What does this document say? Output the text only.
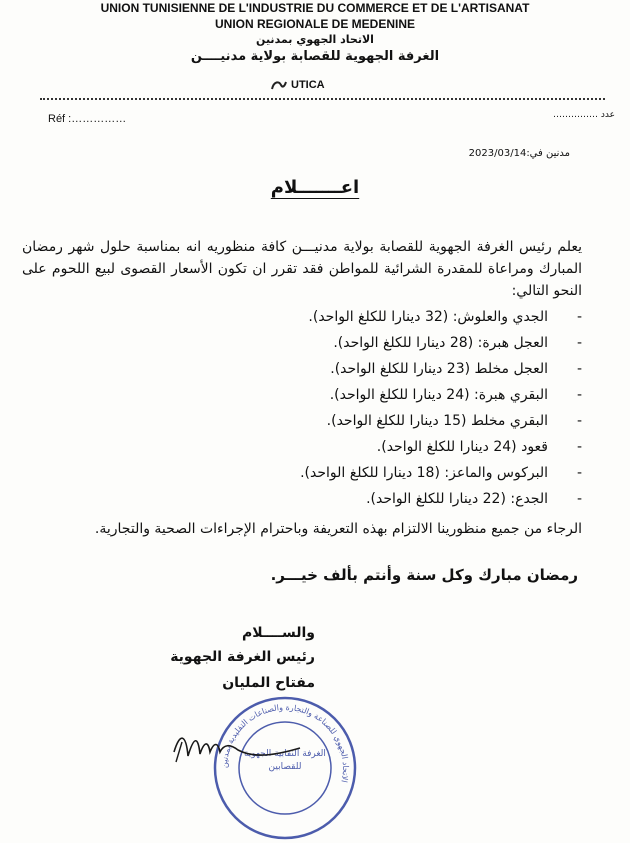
UNION TUNISIENNE DE L'INDUSTRIE DU COMMERCE ET DE L'ARTISANAT
UNION REGIONALE DE MEDENINE
الاتحاد الجهوي بمدنين
الغرفة الجهوية للقصابة بولاية مدنيــــن
UTICA
Réf :……………	عدد ……………
مدنين في:2023/03/14
اعـــــــلام
يعلم رئيس الغرفة الجهوية للقصابة بولاية مدنيـــن كافة منظوريه انه بمناسبة حلول شهر رمضان المبارك ومراعاة للمقدرة الشرائية للمواطن فقد تقرر ان تكون الأسعار القصوى لبيع اللحوم على النحو التالي:
- الجدي والعلوش: (32 دينارا للكلغ الواحد).
- العجل هبرة: (28 دينارا للكلغ الواحد).
- العجل مخلط (23 دينارا للكلغ الواحد).
- البقري هبرة: (24 دينارا للكلغ الواحد).
- البقري مخلط (15 دينارا للكلغ الواحد).
- قعود (24 دينارا للكلغ الواحد).
- البركوس والماعز: (18 دينارا للكلغ الواحد).
- الجدع: (22 دينارا للكلغ الواحد).
الرجاء من جميع منظورينا الالتزام بهذه التعريفة وباحترام الإجراءات الصحية والتجارية.
رمضان مبارك وكل سنة وأنتم بألف خيـــر.
والســــلام
رئيس الغرفة الجهوية
مفتاح المليان
الاتحاد الجهوي للصناعة والتجارة والصناعات التقليدية بمدنين
الغرفة النقابية الجهوية للقصابين
